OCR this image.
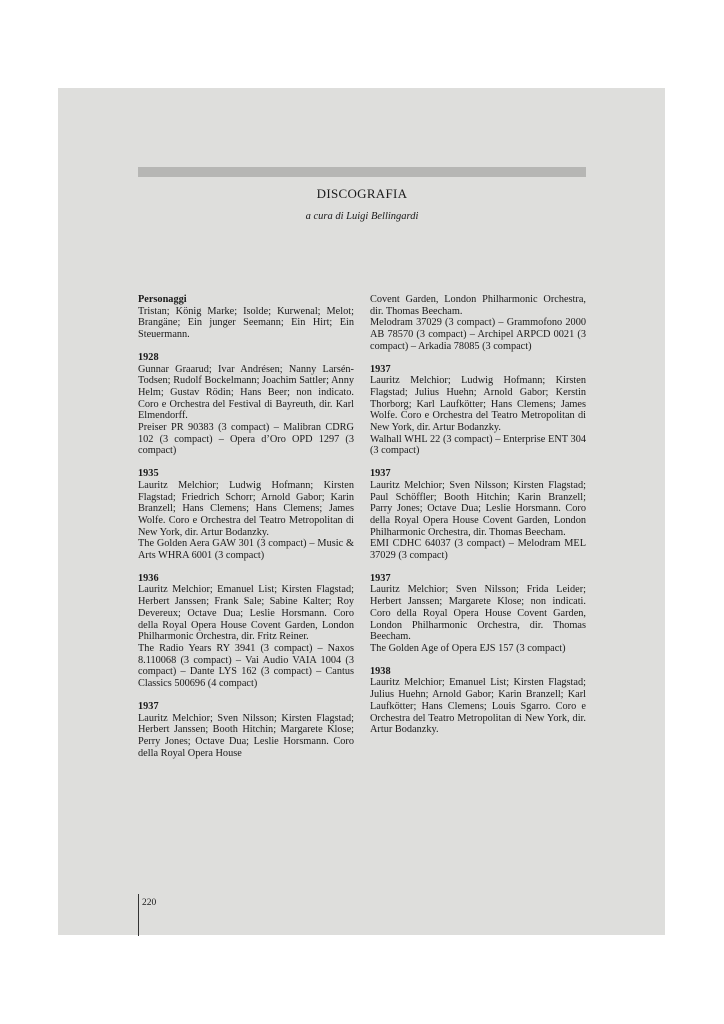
DISCOGRAFIA
a cura di Luigi Bellingardi
Personaggi
Tristan; König Marke; Isolde; Kurwenal; Melot; Brangäne; Ein junger Seemann; Ein Hirt; Ein Steuermann.
1928
Gunnar Graarud; Ivar Andrésen; Nanny Larsén-Todsen; Rudolf Bockelmann; Joachim Sattler; Anny Helm; Gustav Rödin; Hans Beer; non indicato. Coro e Orchestra del Festival di Bayreuth, dir. Karl Elmendorff.
Preiser PR 90383 (3 compact) – Malibran CDRG 102 (3 compact) – Opera d’Oro OPD 1297 (3 compact)
1935
Lauritz Melchior; Ludwig Hofmann; Kirsten Flagstad; Friedrich Schorr; Arnold Gabor; Karin Branzell; Hans Clemens; Hans Clemens; James Wolfe. Coro e Orchestra del Teatro Metropolitan di New York, dir. Artur Bodanzky.
The Golden Aera GAW 301 (3 compact) – Music & Arts WHRA 6001 (3 compact)
1936
Lauritz Melchior; Emanuel List; Kirsten Flagstad; Herbert Janssen; Frank Sale; Sabine Kalter; Roy Devereux; Octave Dua; Leslie Horsmann. Coro della Royal Opera House Covent Garden, London Philharmonic Orchestra, dir. Fritz Reiner.
The Radio Years RY 3941 (3 compact) – Naxos 8.110068 (3 compact) – Vai Audio VAIA 1004 (3 compact) – Dante LYS 162 (3 compact) – Cantus Classics 500696 (4 compact)
1937
Lauritz Melchior; Sven Nilsson; Kirsten Flagstad; Herbert Janssen; Booth Hitchin; Margarete Klose; Perry Jones; Octave Dua; Leslie Horsmann. Coro della Royal Opera House
Covent Garden, London Philharmonic Orchestra, dir. Thomas Beecham.
Melodram 37029 (3 compact) – Grammofono 2000 AB 78570 (3 compact) – Archipel ARPCD 0021 (3 compact) – Arkadia 78085 (3 compact)
1937
Lauritz Melchior; Ludwig Hofmann; Kirsten Flagstad; Julius Huehn; Arnold Gabor; Kerstin Thorborg; Karl Laufkötter; Hans Clemens; James Wolfe. Coro e Orchestra del Teatro Metropolitan di New York, dir. Artur Bodanzky.
Walhall WHL 22 (3 compact) – Enterprise ENT 304 (3 compact)
1937
Lauritz Melchior; Sven Nilsson; Kirsten Flagstad; Paul Schöffler; Booth Hitchin; Karin Branzell; Parry Jones; Octave Dua; Leslie Horsmann. Coro della Royal Opera House Covent Garden, London Philharmonic Orchestra, dir. Thomas Beecham.
EMI CDHC 64037 (3 compact) – Melodram MEL 37029 (3 compact)
1937
Lauritz Melchior; Sven Nilsson; Frida Leider; Herbert Janssen; Margarete Klose; non indicati. Coro della Royal Opera House Covent Garden, London Philharmonic Orchestra, dir. Thomas Beecham.
The Golden Age of Opera EJS 157 (3 compact)
1938
Lauritz Melchior; Emanuel List; Kirsten Flagstad; Julius Huehn; Arnold Gabor; Karin Branzell; Karl Laufkötter; Hans Clemens; Louis Sgarro. Coro e Orchestra del Teatro Metropolitan di New York, dir. Artur Bodanzky.
220
